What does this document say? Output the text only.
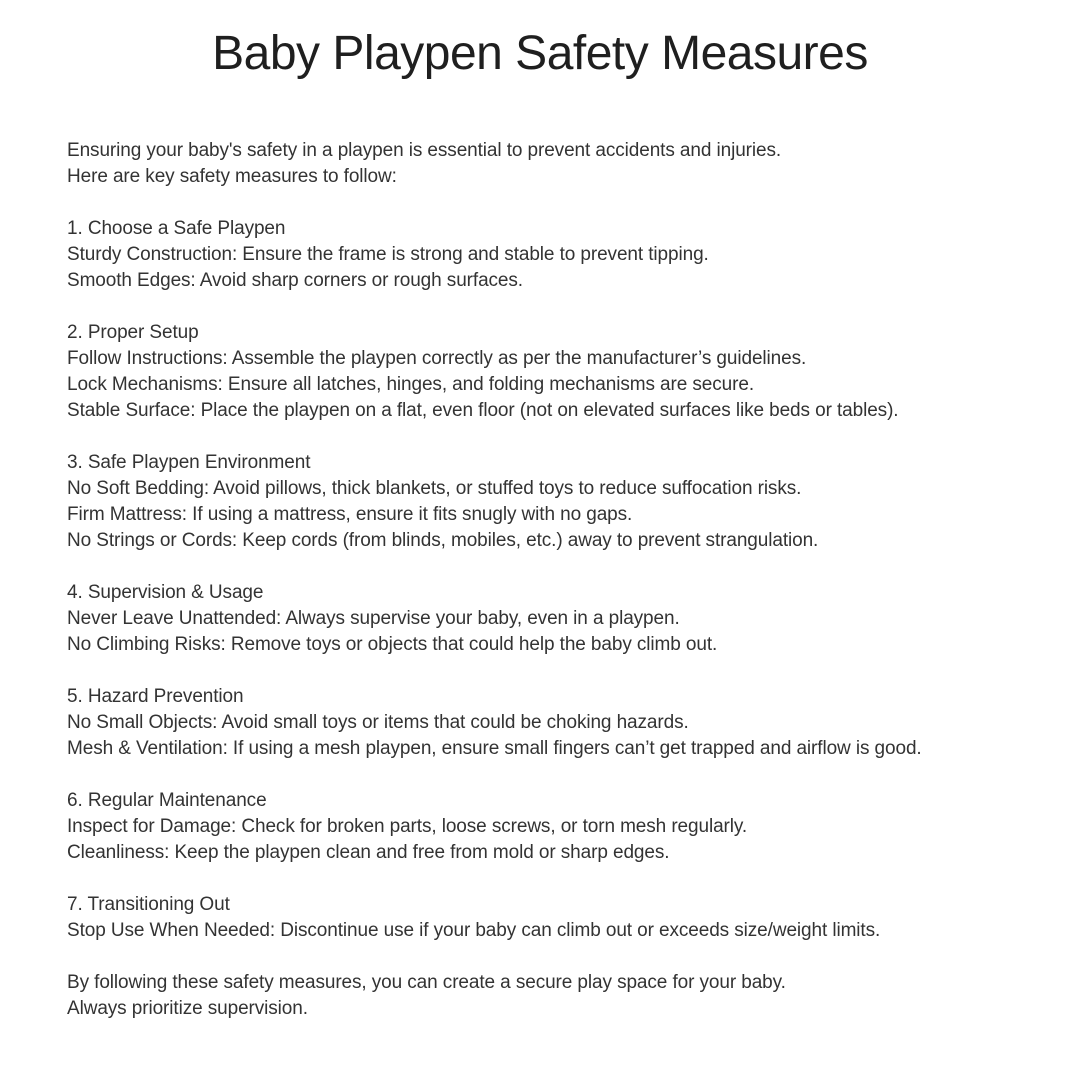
Baby Playpen Safety Measures
Ensuring your baby's safety in a playpen is essential to prevent accidents and injuries.
Here are key safety measures to follow:
1. Choose a Safe Playpen
Sturdy Construction: Ensure the frame is strong and stable to prevent tipping.
Smooth Edges: Avoid sharp corners or rough surfaces.
2. Proper Setup
Follow Instructions: Assemble the playpen correctly as per the manufacturer’s guidelines.
Lock Mechanisms: Ensure all latches, hinges, and folding mechanisms are secure.
Stable Surface: Place the playpen on a flat, even floor (not on elevated surfaces like beds or tables).
3. Safe Playpen Environment
No Soft Bedding: Avoid pillows, thick blankets, or stuffed toys to reduce suffocation risks.
Firm Mattress: If using a mattress, ensure it fits snugly with no gaps.
No Strings or Cords: Keep cords (from blinds, mobiles, etc.) away to prevent strangulation.
4. Supervision & Usage
Never Leave Unattended: Always supervise your baby, even in a playpen.
No Climbing Risks: Remove toys or objects that could help the baby climb out.
5. Hazard Prevention
No Small Objects: Avoid small toys or items that could be choking hazards.
Mesh & Ventilation: If using a mesh playpen, ensure small fingers can’t get trapped and airflow is good.
6. Regular Maintenance
Inspect for Damage: Check for broken parts, loose screws, or torn mesh regularly.
Cleanliness: Keep the playpen clean and free from mold or sharp edges.
7. Transitioning Out
Stop Use When Needed: Discontinue use if your baby can climb out or exceeds size/weight limits.
By following these safety measures, you can create a secure play space for your baby.
Always prioritize supervision.
